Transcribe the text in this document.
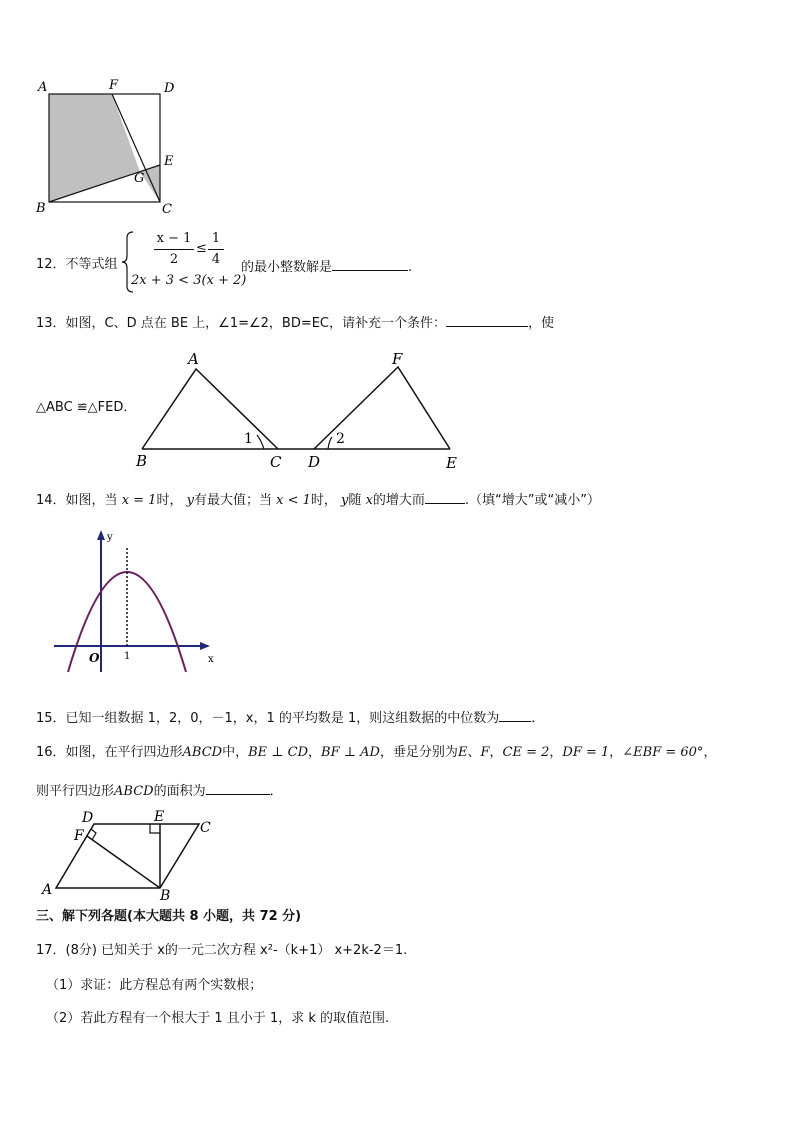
A	F	D
E
G
B	C
12．不等式组
x − 1
2
≤
1
4
2x + 3 < 3(x + 2)
的最小整数解是	.
13．如图，C、D 点在 BE 上，∠1=∠2，BD=EC，请补充一个条件：	，使
△ABC ≌△FED．
A
B	C
1
D
2
F
E
14．如图，当 x = 1时， y有最大值；当 x < 1时， y随 x的增大而	.（填“增大”或“减小”）
y
x
O 1
15．已知一组数据 1，2，0，－1，x，1 的平均数是 1，则这组数据的中位数为 ．
16．如图，在平行四边形ABCD中，BE ⊥ CD，BF ⊥ AD，垂足分别为E、F，CE = 2，DF = 1，∠EBF = 60°，
则平行四边形ABCD的面积为	．
D	E
C
F
A	B
三、解下列各题(本大题共 8 小题，共 72 分)
17．(8分) 已知关于 x的一元二次方程 x²-（k+1） x+2k-2＝1.
（1）求证：此方程总有两个实数根；
（2）若此方程有一个根大于 1 且小于 1，求 k 的取值范围.
